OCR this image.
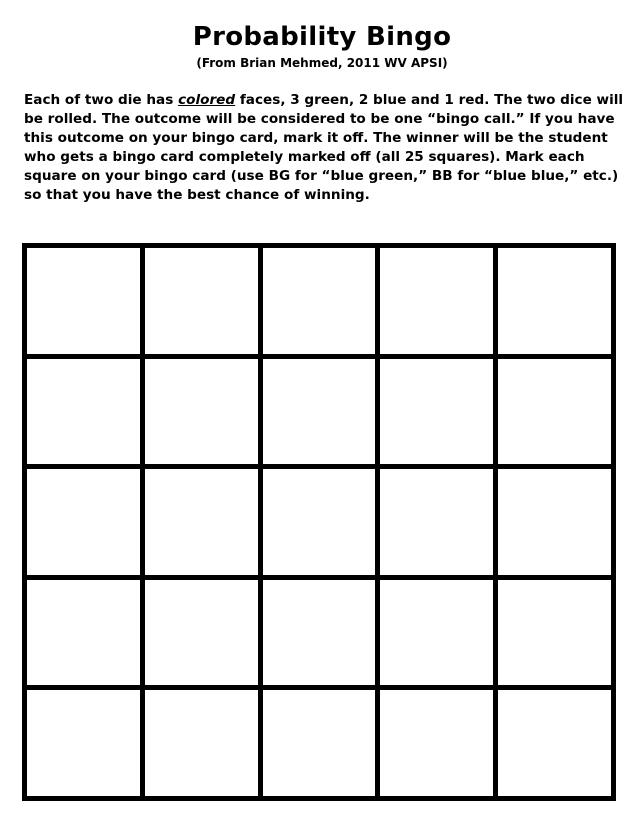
Probability Bingo
(From Brian Mehmed, 2011 WV APSI)
Each of two die has colored faces, 3 green, 2 blue and 1 red. The two dice will be rolled. The outcome will be considered to be one “bingo call.” If you have this outcome on your bingo card, mark it off. The winner will be the student who gets a bingo card completely marked off (all 25 squares). Mark each square on your bingo card (use BG for “blue green,” BB for “blue blue,” etc.) so that you have the best chance of winning.
